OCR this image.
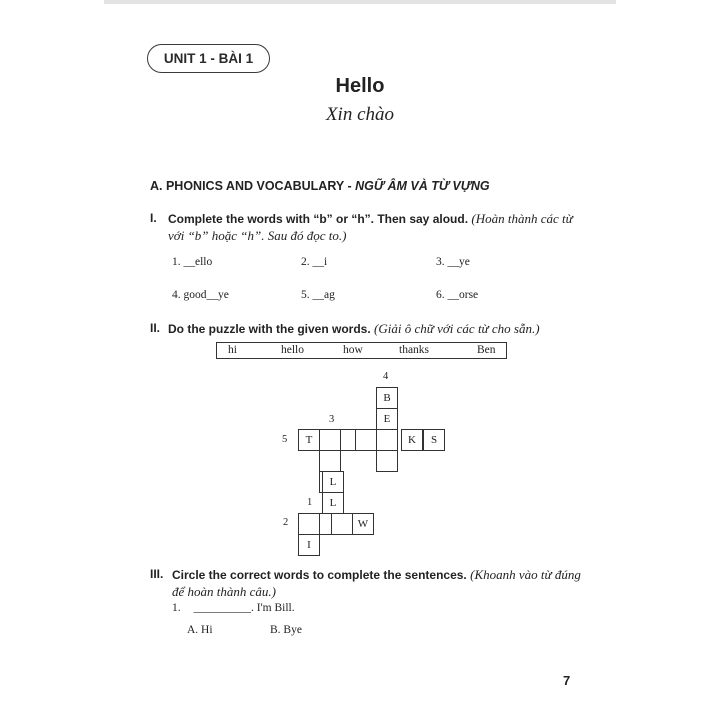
UNIT 1 - BÀI 1
Hello
Xin chào
A. PHONICS AND VOCABULARY - NGỮ ÂM VÀ TỪ VỰNG
I. Complete the words with “b” or “h”. Then say aloud. (Hoàn thành các từ
với “b” hoặc “h”. Sau đó đọc to.)
1. __ello	2. __i	3. __ye
4. good__ye	5. __ag	6. __orse
II. Do the puzzle with the given words. (Giải ô chữ với các từ cho sẵn.)
hi	hello	how	thanks	Ben
4
3
5
1
2
B
E
T	K	S
L
L
W
I
III. Circle the correct words to complete the sentences. (Khoanh vào từ đúng
để hoàn thành câu.)
1. __________. I'm Bill.
A. Hi	B. Bye
7
